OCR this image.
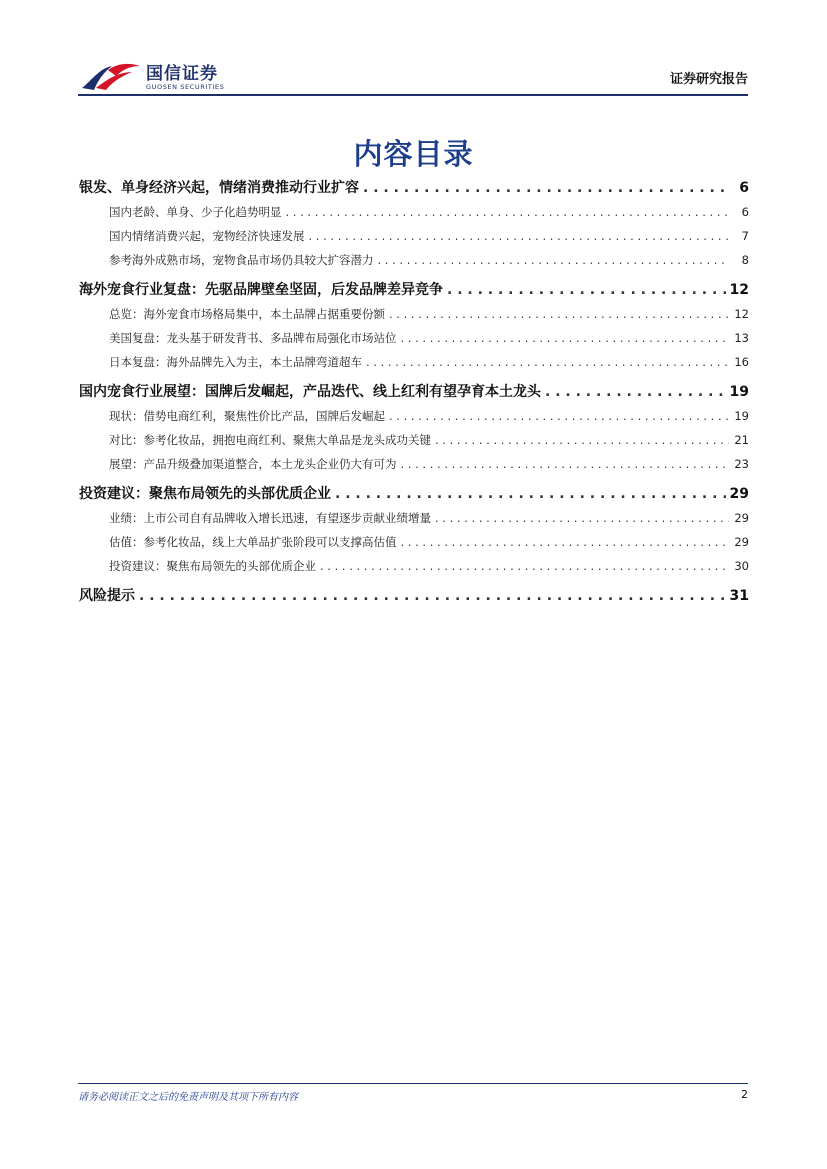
国信证券
GUOSEN SECURITIES	证券研究报告
内容目录
银发、单身经济兴起，情绪消费推动行业扩容 . . .	6
国内老龄、单身、少子化趋势明显 . . .	6
国内情绪消费兴起，宠物经济快速发展 . . .	7
参考海外成熟市场，宠物食品市场仍具较大扩容潜力 . . .	8
海外宠食行业复盘：先驱品牌壁垒坚固，后发品牌差异竞争 . . .	12
总览：海外宠食市场格局集中，本土品牌占据重要份额 . . .	12
美国复盘：龙头基于研发背书、多品牌布局强化市场站位 . . .	13
日本复盘：海外品牌先入为主，本土品牌弯道超车 . . .	16
国内宠食行业展望：国牌后发崛起，产品迭代、线上红利有望孕育本土龙头 . . .	19
现状：借势电商红利，聚焦性价比产品，国牌后发崛起 . . .	19
对比：参考化妆品，拥抱电商红利、聚焦大单品是龙头成功关键 . . .	21
展望：产品升级叠加渠道整合，本土龙头企业仍大有可为 . . .	23
投资建议：聚焦布局领先的头部优质企业 . . .	29
业绩：上市公司自有品牌收入增长迅速，有望逐步贡献业绩增量 . . .	29
估值：参考化妆品，线上大单品扩张阶段可以支撑高估值 . . .	29
投资建议：聚焦布局领先的头部优质企业 . . .	30
风险提示 . . .	31
请务必阅读正文之后的免责声明及其项下所有内容	2
